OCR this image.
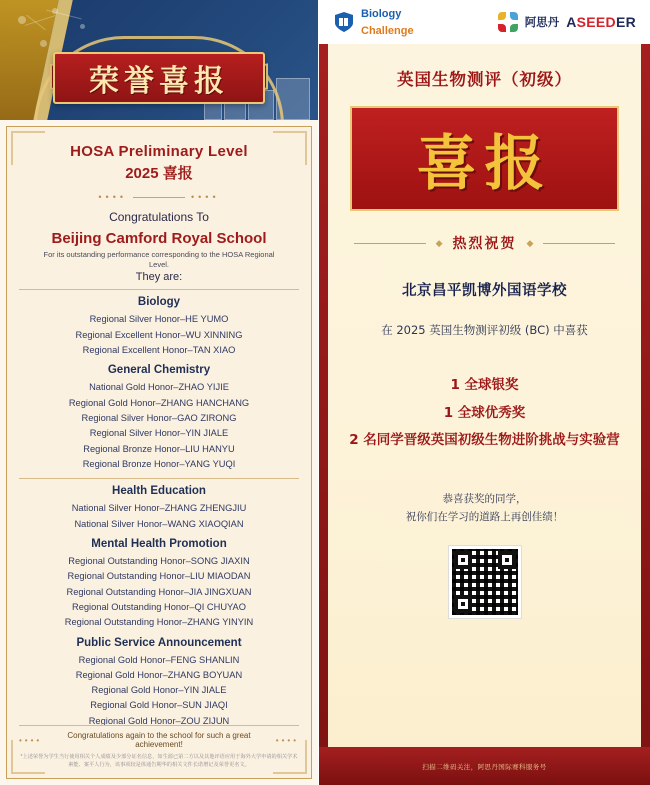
荣誉喜报
HOSA Preliminary Level
2025 喜报
••••	••••
Congratulations To
Beijing Camford Royal School
For its outstanding performance corresponding to the HOSA Regional Level.
They are:
Biology
Regional Silver Honor–HE YUMO
Regional Excellent Honor–WU XINNING
Regional Excellent Honor–TAN XIAO
General Chemistry
National Gold Honor–ZHAO YIJIE
Regional Gold Honor–ZHANG HANCHANG
Regional Silver Honor–GAO ZIRONG
Regional Silver Honor–YIN JIALE
Regional Bronze Honor–LIU HANYU
Regional Bronze Honor–YANG YUQI
Health Education
National Silver Honor–ZHANG ZHENGJIU
National Silver Honor–WANG XIAOQIAN
Mental Health Promotion
Regional Outstanding Honor–SONG JIAXIN
Regional Outstanding Honor–LIU MIAODAN
Regional Outstanding Honor–JIA JINGXUAN
Regional Outstanding Honor–QI CHUYAO
Regional Outstanding Honor–ZHANG YINYIN
Public Service Announcement
Regional Gold Honor–FENG SHANLIN
Regional Gold Honor–ZHANG BOYUAN
Regional Gold Honor–YIN JIALE
Regional Gold Honor–SUN JIAQI
Regional Gold Honor–ZOU ZIJUN
••••	Congratulations again to the school for such a great achievement!	••••
*上述荣誉为学生当行使用相关个人成绩及少部分证名信息，如生源已第二方以及其他评语应用于海外大学申请的相关学术素能、案平人行为，该事项较是体通告期华的相关文件长诺增记及荣誉更名文。
Biology
Challenge
阿思丹 ASEEDER
英国生物测评（初级）
喜报
◆ 热烈祝贺 ◆
北京昌平凯博外国语学校
在 2025 英国生物测评初级 (BC) 中喜获
1 全球银奖
1 全球优秀奖
2 名同学晋级英国初级生物进阶挑战与实验营
恭喜获奖的同学，
祝你们在学习的道路上再创佳绩！
扫描二维码关注，阿思丹国际赛科服务号
